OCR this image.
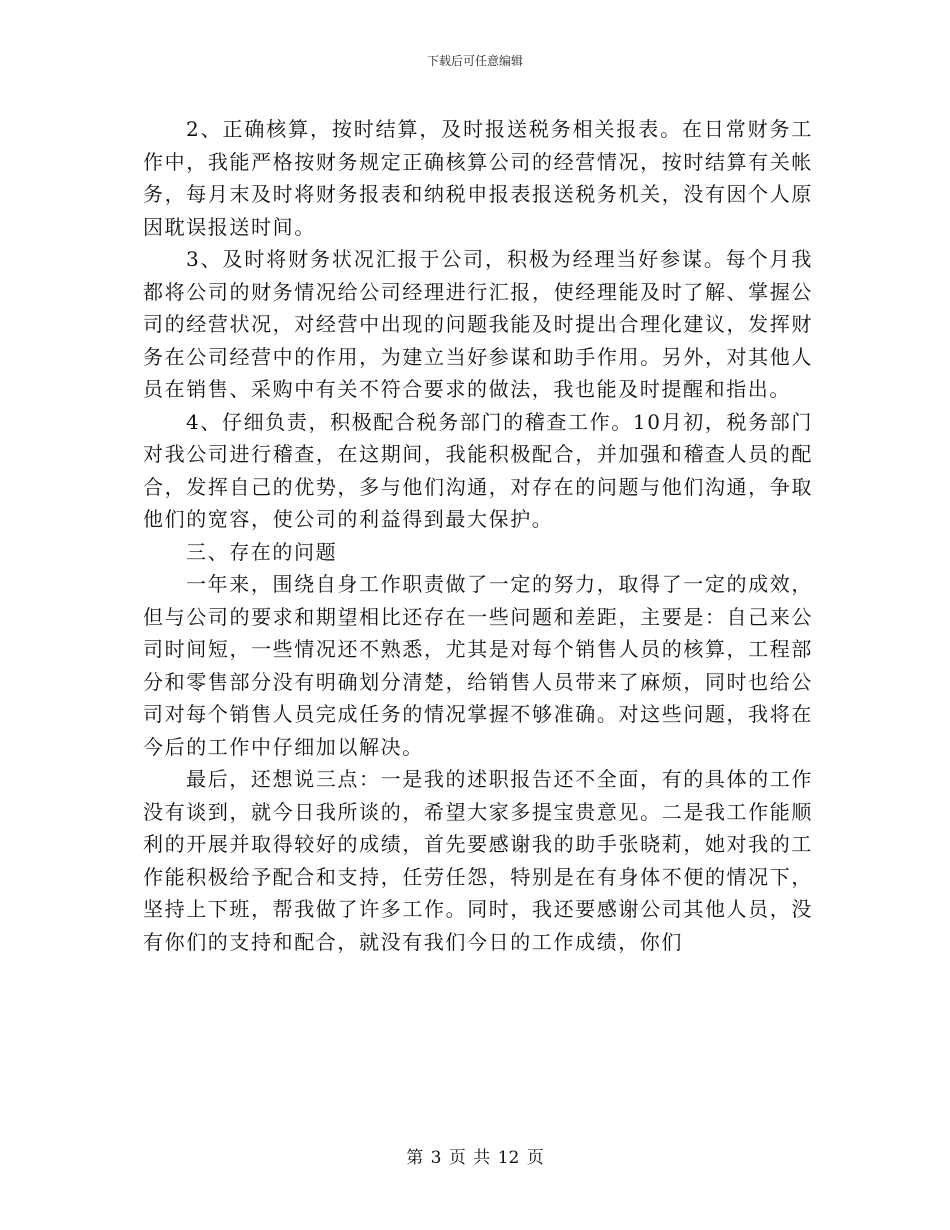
下载后可任意编辑

2、正确核算，按时结算，及时报送税务相关报表。在日常财务工作中，我能严格按财务规定正确核算公司的经营情况，按时结算有关帐务，每月末及时将财务报表和纳税申报表报送税务机关，没有因个人原因耽误报送时间。

3、及时将财务状况汇报于公司，积极为经理当好参谋。每个月我都将公司的财务情况给公司经理进行汇报，使经理能及时了解、掌握公司的经营状况，对经营中出现的问题我能及时提出合理化建议，发挥财务在公司经营中的作用，为建立当好参谋和助手作用。另外，对其他人员在销售、采购中有关不符合要求的做法，我也能及时提醒和指出。

4、仔细负责，积极配合税务部门的稽查工作。10月初，税务部门对我公司进行稽查，在这期间，我能积极配合，并加强和稽查人员的配合，发挥自己的优势，多与他们沟通，对存在的问题与他们沟通，争取他们的宽容，使公司的利益得到最大保护。

三、存在的问题

一年来，围绕自身工作职责做了一定的努力，取得了一定的成效，但与公司的要求和期望相比还存在一些问题和差距，主要是：自己来公司时间短，一些情况还不熟悉，尤其是对每个销售人员的核算，工程部分和零售部分没有明确划分清楚，给销售人员带来了麻烦，同时也给公司对每个销售人员完成任务的情况掌握不够准确。对这些问题，我将在今后的工作中仔细加以解决。

最后，还想说三点：一是我的述职报告还不全面，有的具体的工作没有谈到，就今日我所谈的，希望大家多提宝贵意见。二是我工作能顺利的开展并取得较好的成绩，首先要感谢我的助手张晓莉，她对我的工作能积极给予配合和支持，任劳任怨，特别是在有身体不便的情况下，坚持上下班，帮我做了许多工作。同时，我还要感谢公司其他人员，没有你们的支持和配合，就没有我们今日的工作成绩，你们

第 3 页 共 12 页
